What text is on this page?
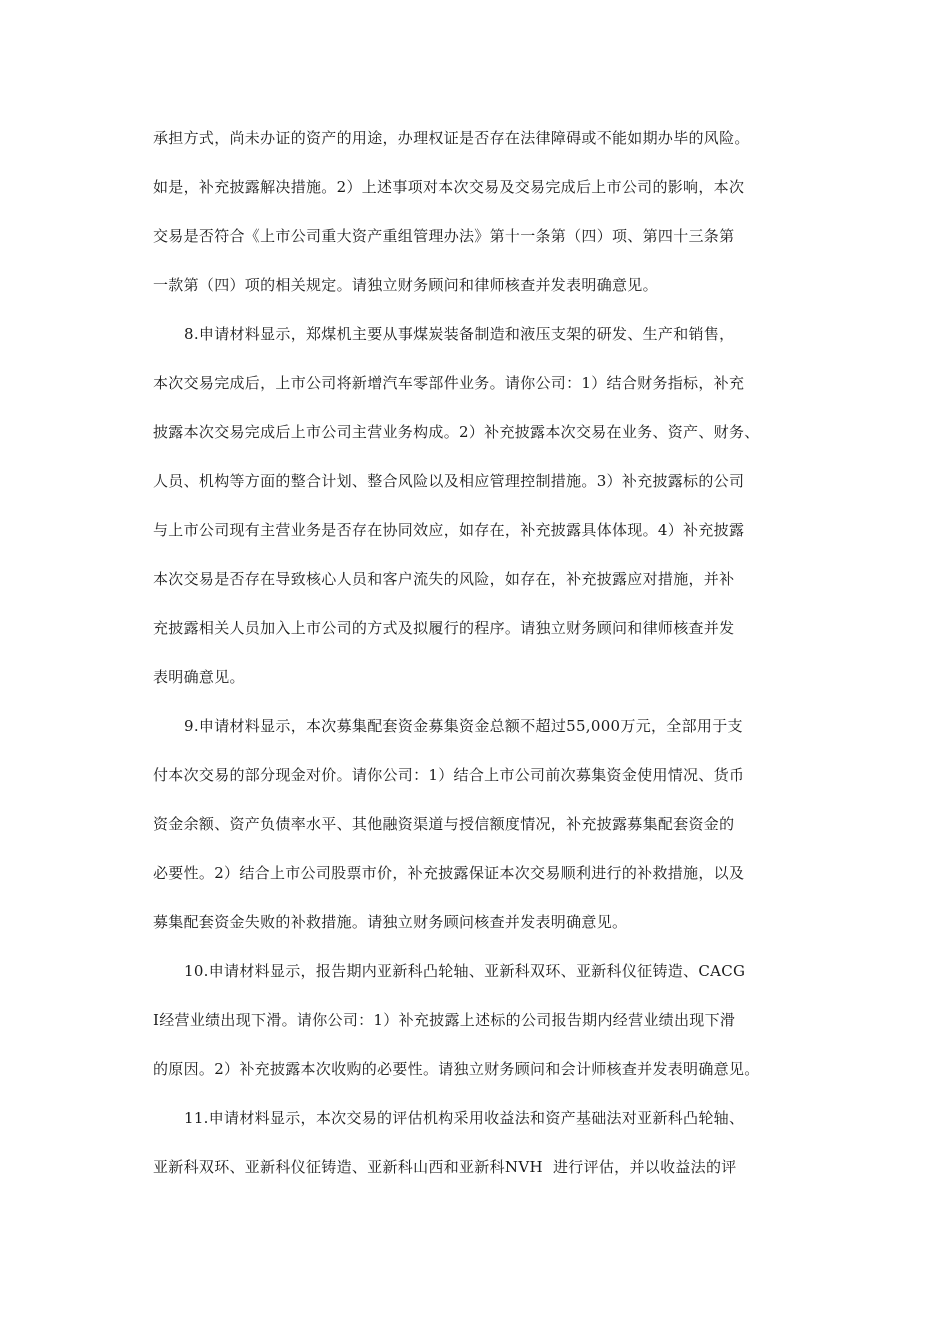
承担方式，尚未办证的资产的用途，办理权证是否存在法律障碍或不能如期办毕的风险。
如是，补充披露解决措施。2）上述事项对本次交易及交易完成后上市公司的影响，本次
交易是否符合《上市公司重大资产重组管理办法》第十一条第（四）项、第四十三条第
一款第（四）项的相关规定。请独立财务顾问和律师核查并发表明确意见。
8.申请材料显示，郑煤机主要从事煤炭装备制造和液压支架的研发、生产和销售，
本次交易完成后，上市公司将新增汽车零部件业务。请你公司：1）结合财务指标，补充
披露本次交易完成后上市公司主营业务构成。2）补充披露本次交易在业务、资产、财务、
人员、机构等方面的整合计划、整合风险以及相应管理控制措施。3）补充披露标的公司
与上市公司现有主营业务是否存在协同效应，如存在，补充披露具体体现。4）补充披露
本次交易是否存在导致核心人员和客户流失的风险，如存在，补充披露应对措施，并补
充披露相关人员加入上市公司的方式及拟履行的程序。请独立财务顾问和律师核查并发
表明确意见。
9.申请材料显示，本次募集配套资金募集资金总额不超过55,000万元，全部用于支
付本次交易的部分现金对价。请你公司：1）结合上市公司前次募集资金使用情况、货币
资金余额、资产负债率水平、其他融资渠道与授信额度情况，补充披露募集配套资金的
必要性。2）结合上市公司股票市价，补充披露保证本次交易顺利进行的补救措施，以及
募集配套资金失败的补救措施。请独立财务顾问核查并发表明确意见。
10.申请材料显示，报告期内亚新科凸轮轴、亚新科双环、亚新科仪征铸造、CACG
I经营业绩出现下滑。请你公司：1）补充披露上述标的公司报告期内经营业绩出现下滑
的原因。2）补充披露本次收购的必要性。请独立财务顾问和会计师核查并发表明确意见。
11.申请材料显示，本次交易的评估机构采用收益法和资产基础法对亚新科凸轮轴、
亚新科双环、亚新科仪征铸造、亚新科山西和亚新科NVH  进行评估，并以收益法的评
